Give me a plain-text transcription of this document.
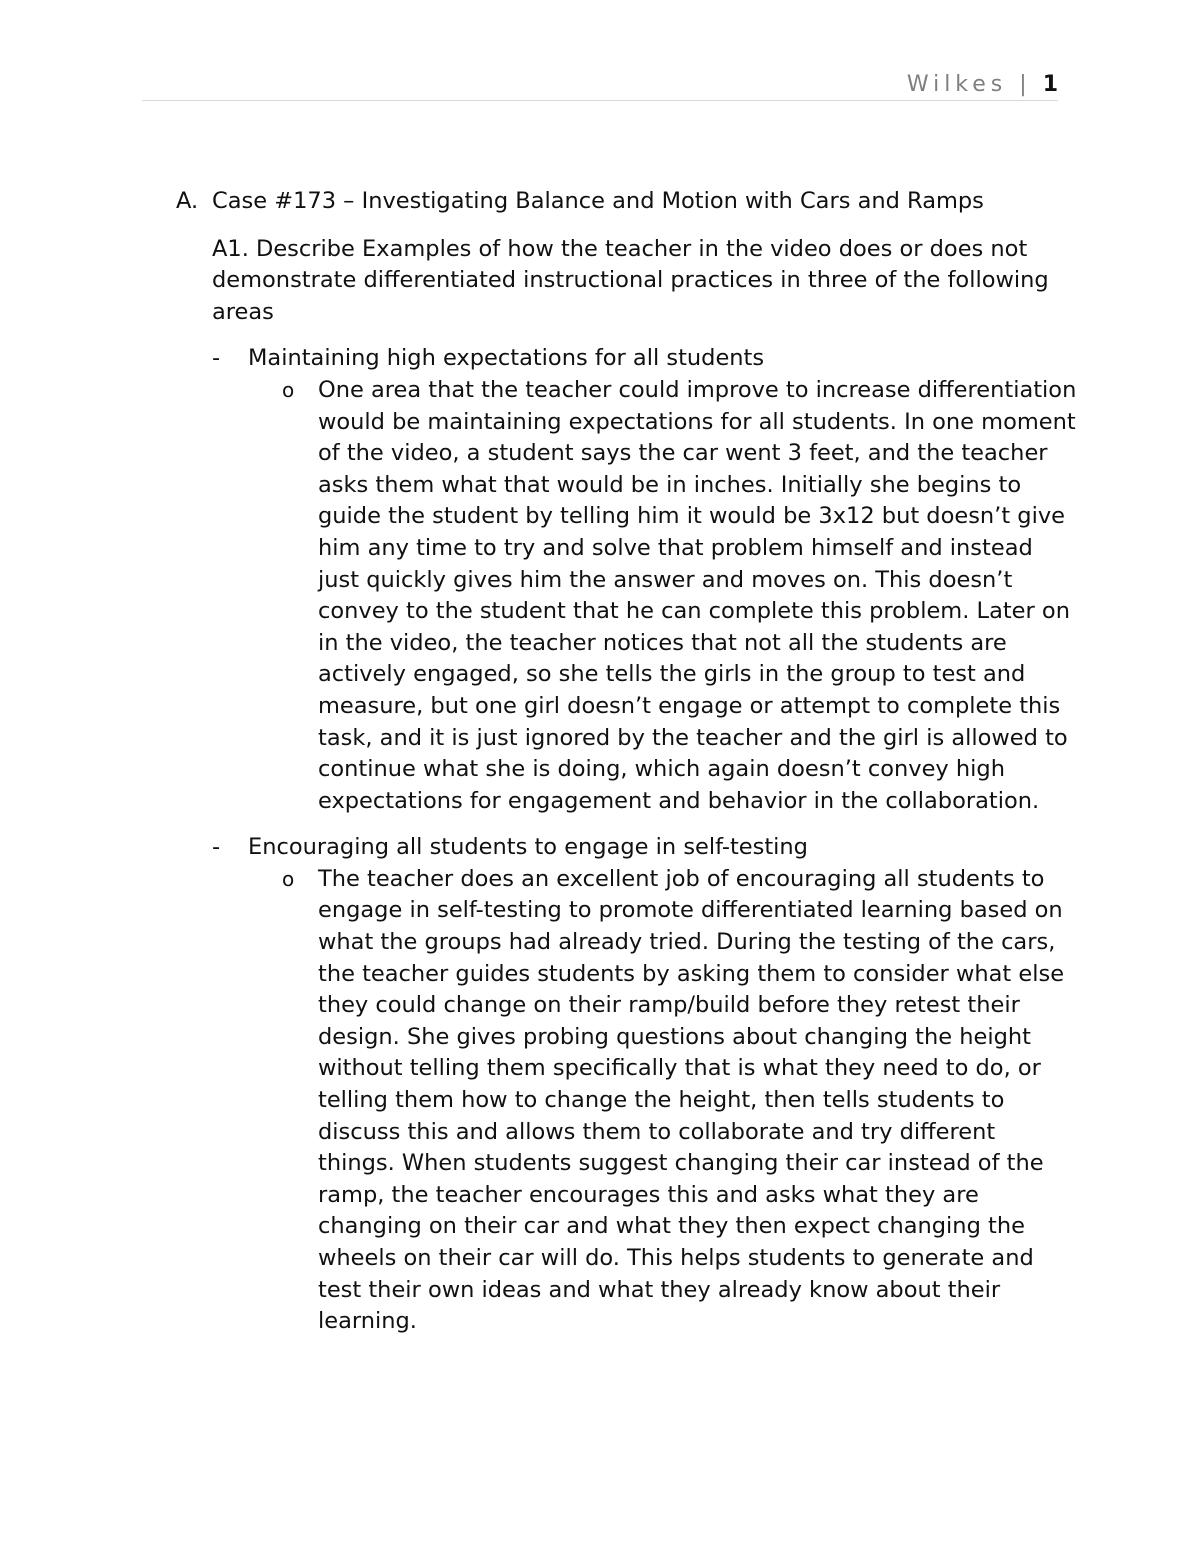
Wilkes | 1
A. Case #173 – Investigating Balance and Motion with Cars and Ramps

A1. Describe Examples of how the teacher in the video does or does not demonstrate differentiated instructional practices in three of the following areas

-	Maintaining high expectations for all students
o	One area that the teacher could improve to increase differentiation would be maintaining expectations for all students. In one moment of the video, a student says the car went 3 feet, and the teacher asks them what that would be in inches. Initially she begins to guide the student by telling him it would be 3x12 but doesn’t give him any time to try and solve that problem himself and instead just quickly gives him the answer and moves on. This doesn’t convey to the student that he can complete this problem. Later on in the video, the teacher notices that not all the students are actively engaged, so she tells the girls in the group to test and measure, but one girl doesn’t engage or attempt to complete this task, and it is just ignored by the teacher and the girl is allowed to continue what she is doing, which again doesn’t convey high expectations for engagement and behavior in the collaboration.
-	Encouraging all students to engage in self-testing
o	The teacher does an excellent job of encouraging all students to engage in self-testing to promote differentiated learning based on what the groups had already tried. During the testing of the cars, the teacher guides students by asking them to consider what else they could change on their ramp/build before they retest their design. She gives probing questions about changing the height without telling them specifically that is what they need to do, or telling them how to change the height, then tells students to discuss this and allows them to collaborate and try different things. When students suggest changing their car instead of the ramp, the teacher encourages this and asks what they are changing on their car and what they then expect changing the wheels on their car will do. This helps students to generate and test their own ideas and what they already know about their learning.
